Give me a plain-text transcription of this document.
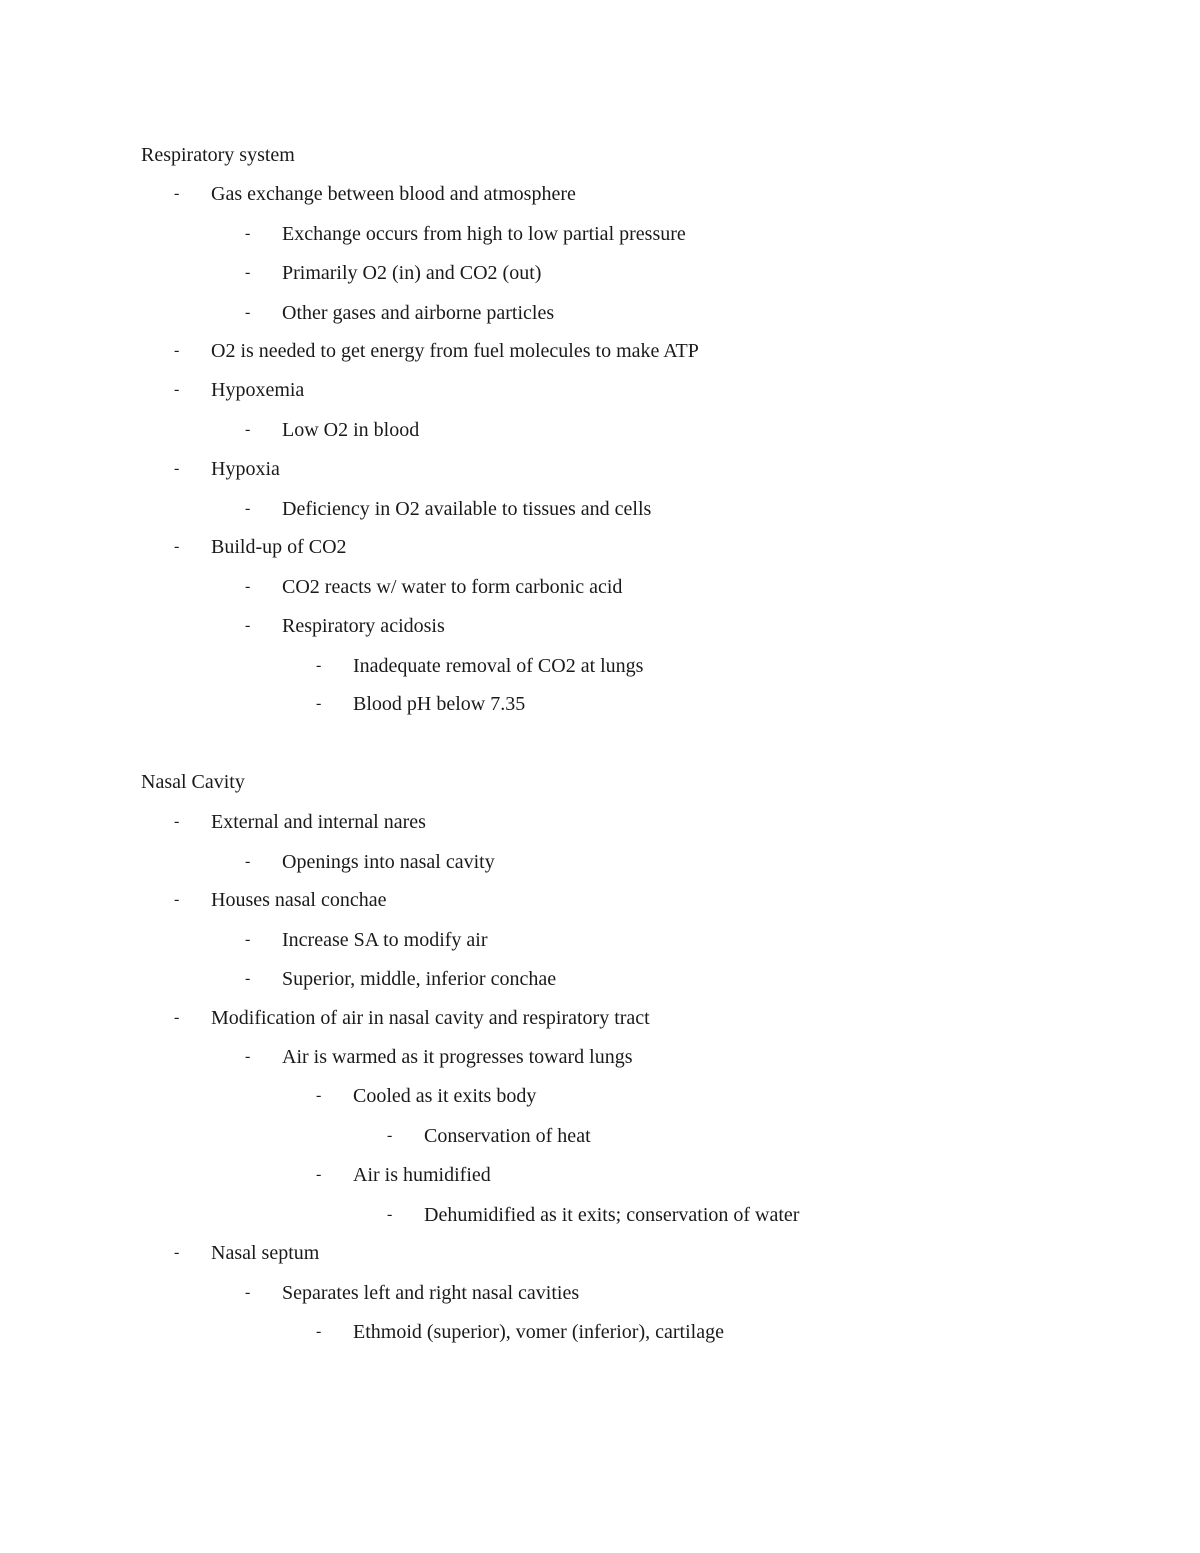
Respiratory system
- Gas exchange between blood and atmosphere
- Exchange occurs from high to low partial pressure
- Primarily O2 (in) and CO2 (out)
- Other gases and airborne particles
- O2 is needed to get energy from fuel molecules to make ATP
- Hypoxemia
- Low O2 in blood
- Hypoxia
- Deficiency in O2 available to tissues and cells
- Build-up of CO2
- CO2 reacts w/ water to form carbonic acid
- Respiratory acidosis
- Inadequate removal of CO2 at lungs
- Blood pH below 7.35
Nasal Cavity
- External and internal nares
- Openings into nasal cavity
- Houses nasal conchae
- Increase SA to modify air
- Superior, middle, inferior conchae
- Modification of air in nasal cavity and respiratory tract
- Air is warmed as it progresses toward lungs
- Cooled as it exits body
- Conservation of heat
- Air is humidified
- Dehumidified as it exits; conservation of water
- Nasal septum
- Separates left and right nasal cavities
- Ethmoid (superior), vomer (inferior), cartilage
